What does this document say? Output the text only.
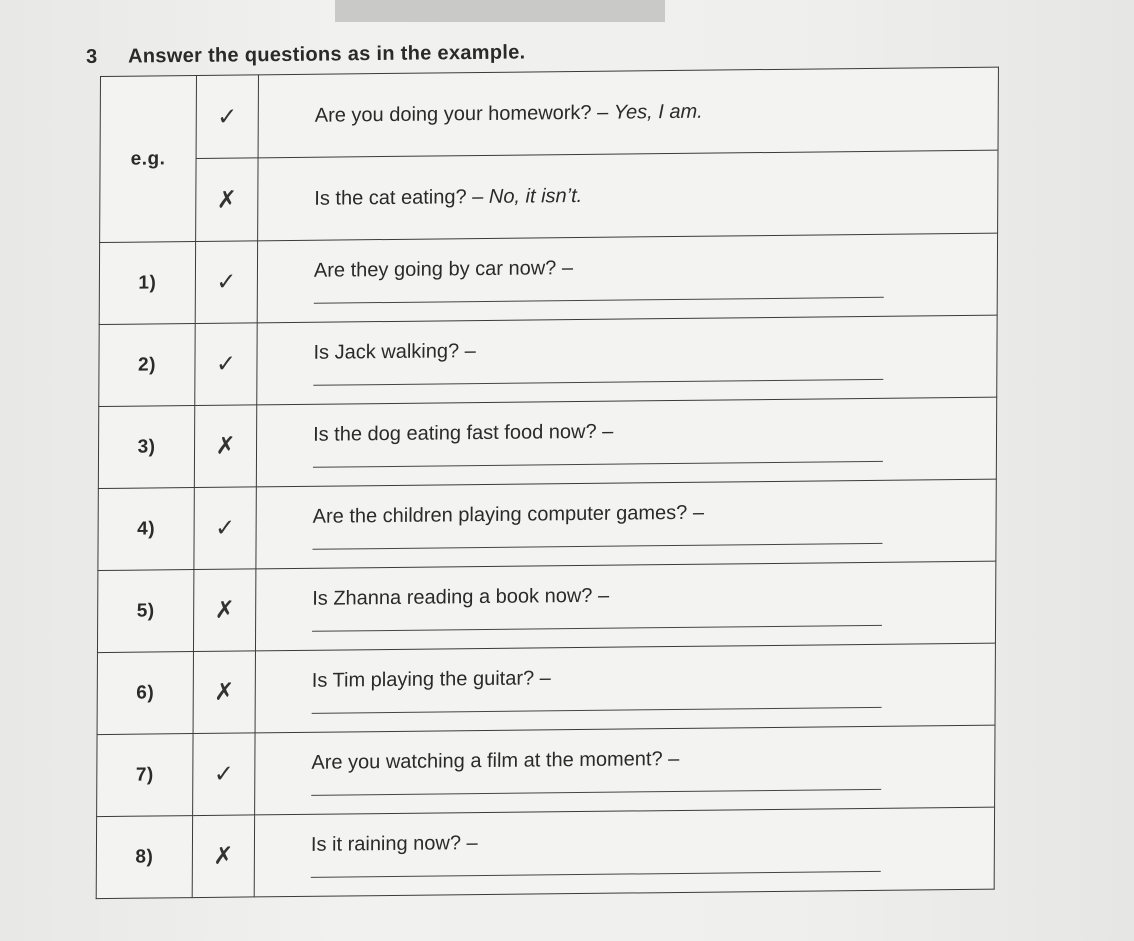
3 Answer the questions as in the example.
e.g.	✓	Are you doing your homework? – Yes, I am.

	✗	Is the cat eating? – No, it isn’t.

1)	✓	Are they going by car now? –

2)	✓	Is Jack walking? –

3)	✗	Is the dog eating fast food now? –

4)	✓	Are the children playing computer games? –

5)	✗	Is Zhanna reading a book now? –

6)	✗	Is Tim playing the guitar? –

7)	✓	Are you watching a film at the moment? –

8)	✗	Is it raining now? –
